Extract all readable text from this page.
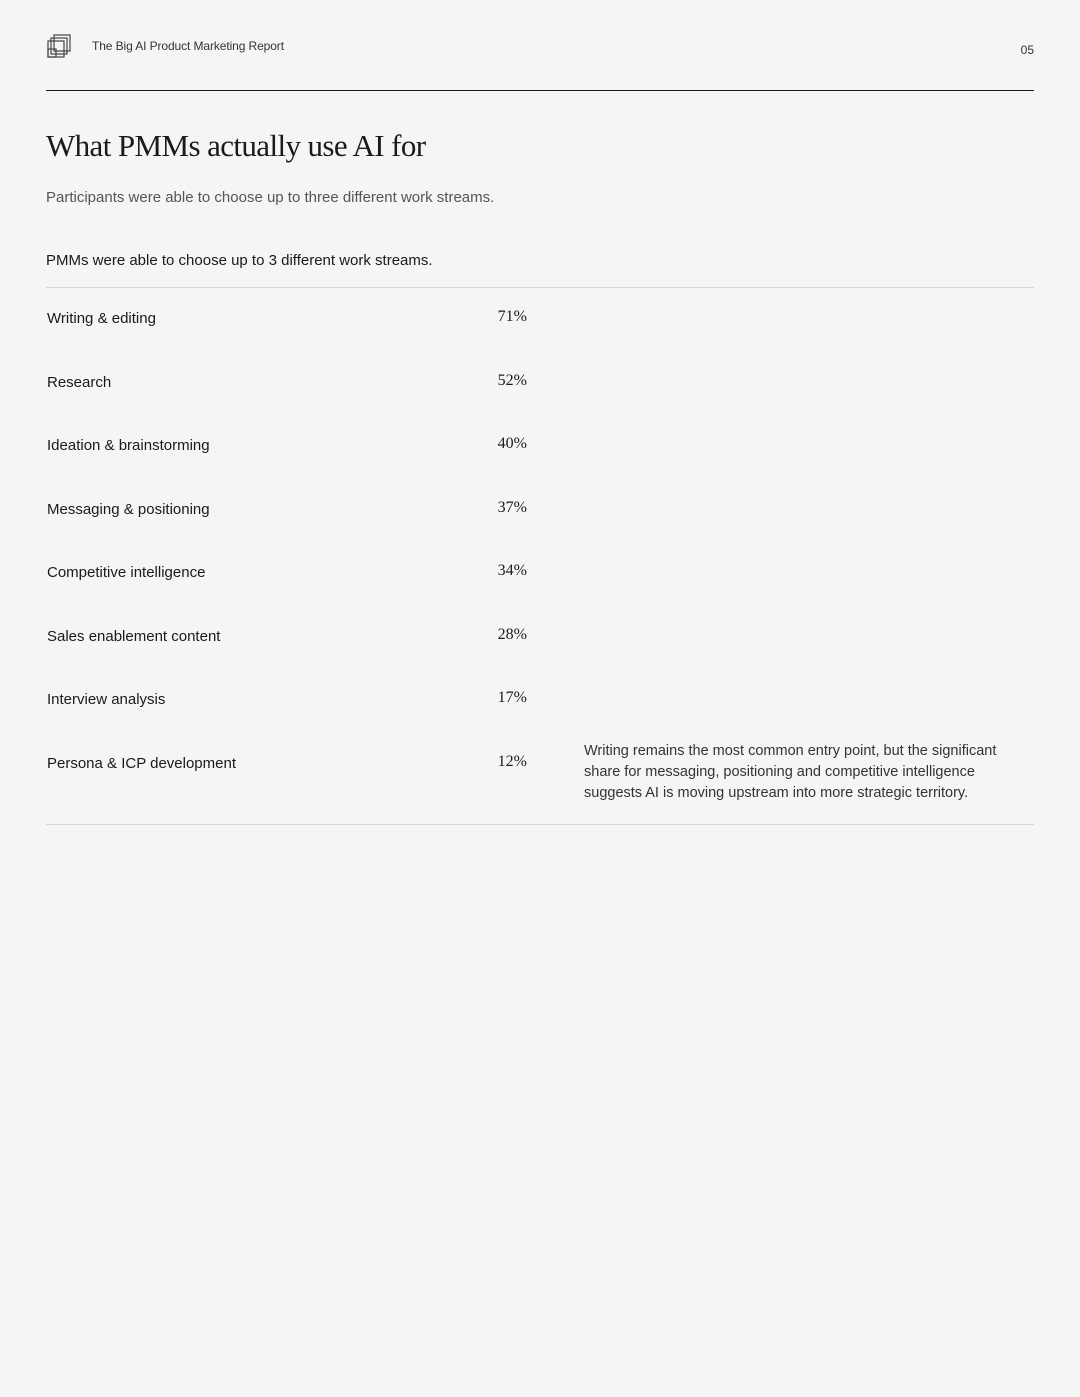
The Big AI Product Marketing Report	05
What PMMs actually use AI for
Participants were able to choose up to three different work streams.
PMMs were able to choose up to 3 different work streams.
Writing & editing	71%
Research	52%
Ideation & brainstorming	40%
Messaging & positioning	37%
Competitive intelligence	34%
Sales enablement content	28%
Interview analysis	17%
Persona & ICP development	12%
Writing remains the most common entry point, but the significant share for messaging, positioning and competitive intelligence suggests AI is moving upstream into more strategic territory.
